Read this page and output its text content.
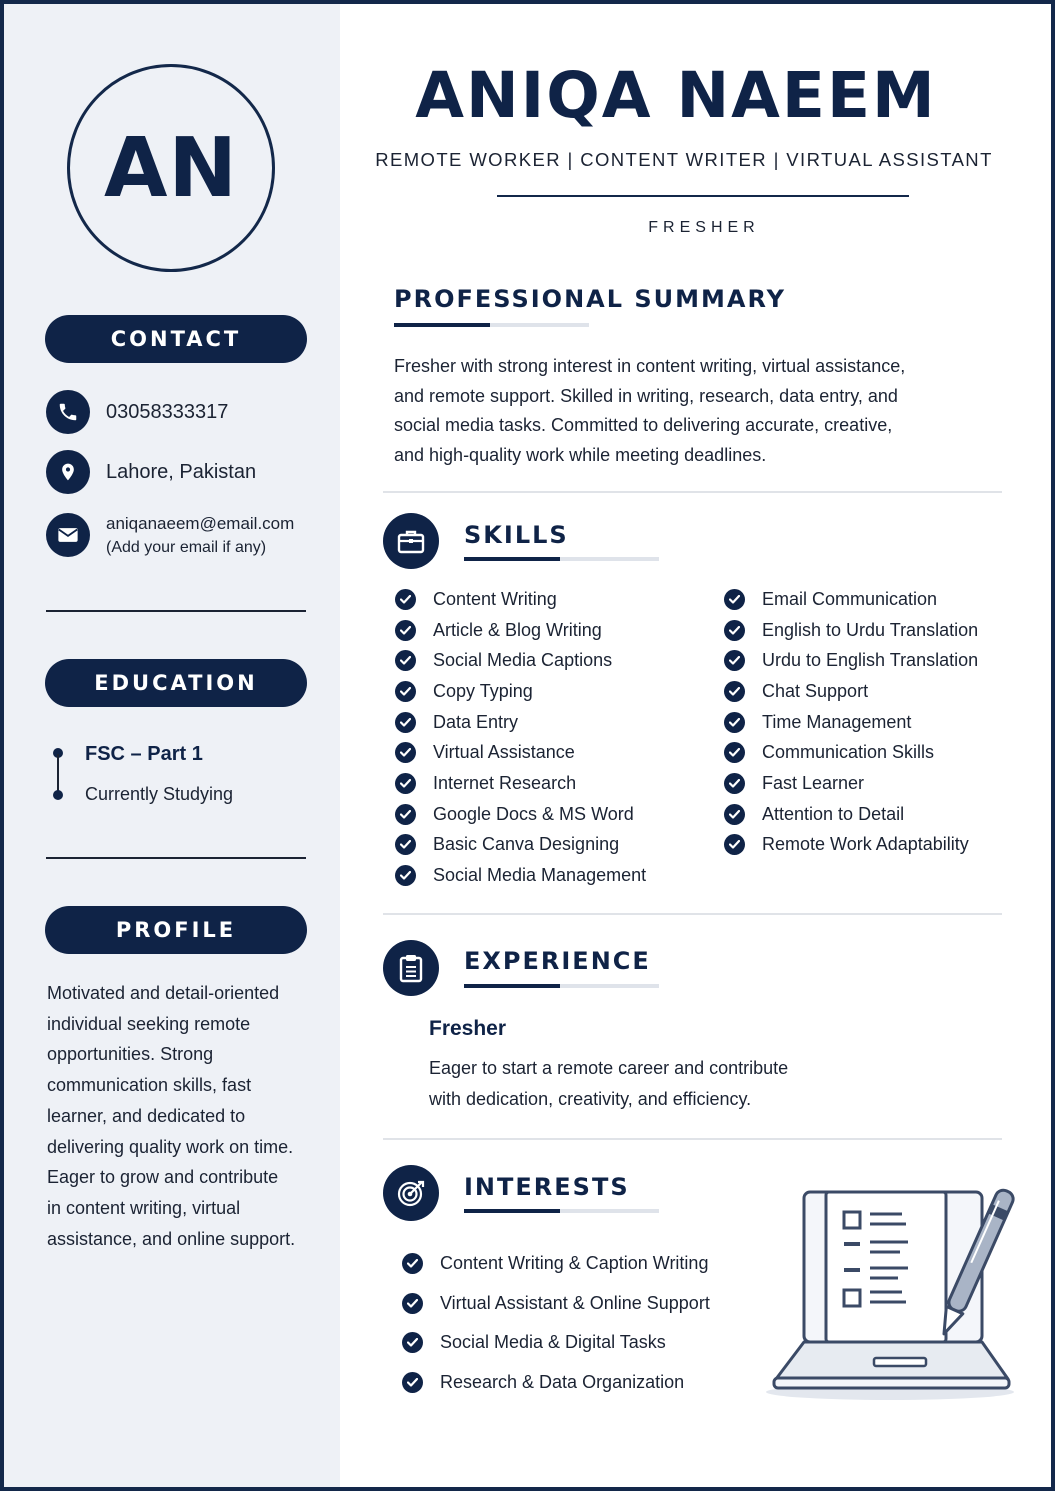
AN
CONTACT
03058333317
Lahore, Pakistan
aniqanaeem@email.com
(Add your email if any)
EDUCATION
FSC – Part 1
Currently Studying
PROFILE
Motivated and detail-oriented
individual seeking remote
opportunities. Strong
communication skills, fast
learner, and dedicated to
delivering quality work on time.
Eager to grow and contribute
in content writing, virtual
assistance, and online support.
ANIQA NAEEM
REMOTE WORKER | CONTENT WRITER | VIRTUAL ASSISTANT
FRESHER
PROFESSIONAL SUMMARY
Fresher with strong interest in content writing, virtual assistance,
and remote support. Skilled in writing, research, data entry, and
social media tasks. Committed to delivering accurate, creative,
and high-quality work while meeting deadlines.
SKILLS
Content Writing
Article & Blog Writing
Social Media Captions
Copy Typing
Data Entry
Virtual Assistance
Internet Research
Google Docs & MS Word
Basic Canva Designing
Social Media Management
Email Communication
English to Urdu Translation
Urdu to English Translation
Chat Support
Time Management
Communication Skills
Fast Learner
Attention to Detail
Remote Work Adaptability
EXPERIENCE
Fresher
Eager to start a remote career and contribute
with dedication, creativity, and efficiency.
INTERESTS
Content Writing & Caption Writing
Virtual Assistant & Online Support
Social Media & Digital Tasks
Research & Data Organization
